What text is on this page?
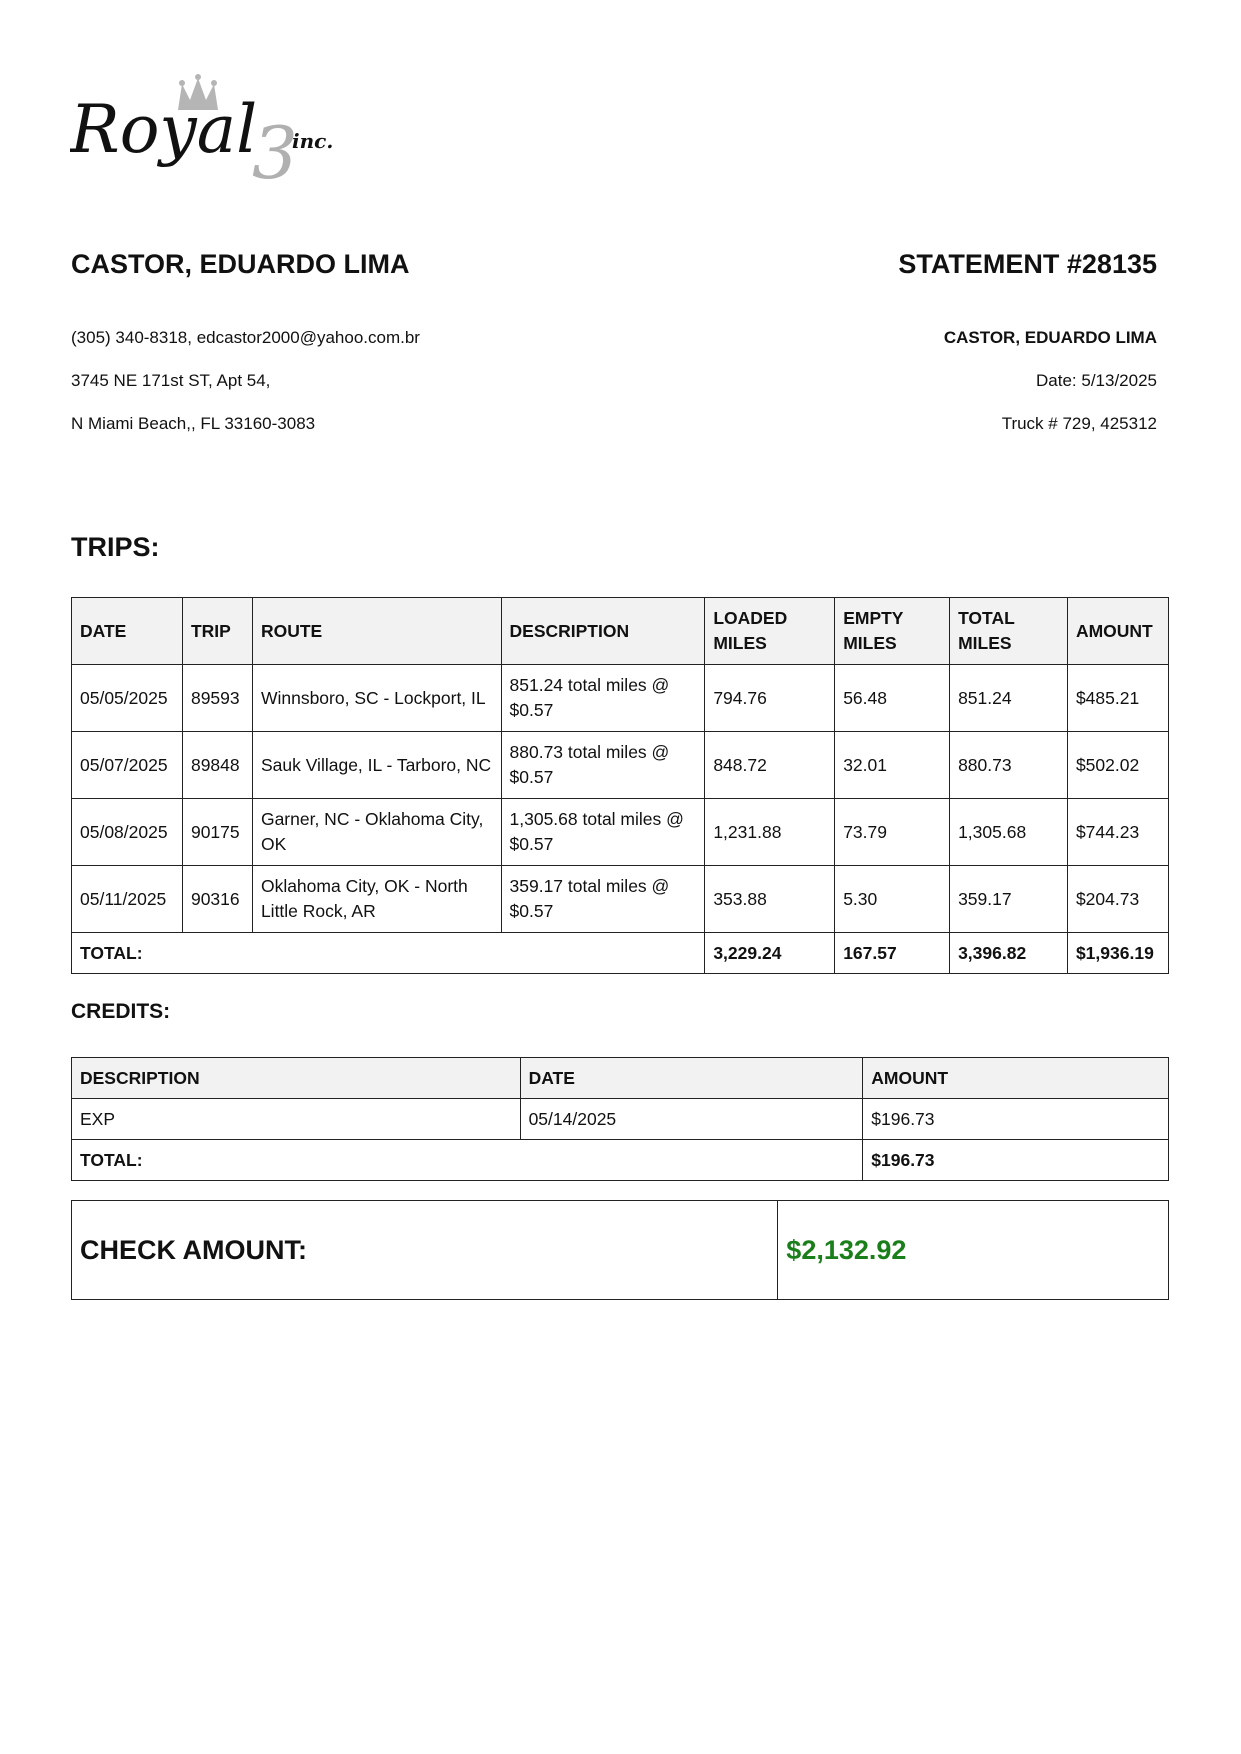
Royal
3
inc.
CASTOR, EDUARDO LIMA
(305) 340-8318, edcastor2000@yahoo.com.br
3745 NE 171st ST, Apt 54,
N Miami Beach,, FL 33160-3083
STATEMENT #28135
CASTOR, EDUARDO LIMA
Date: 5/13/2025
Truck # 729, 425312
TRIPS:
DATE	TRIP	ROUTE	DESCRIPTION	LOADED MILES	EMPTY MILES	TOTAL MILES	AMOUNT
05/05/2025	89593	Winnsboro, SC - Lockport, IL	851.24 total miles @ $0.57	794.76	56.48	851.24	$485.21
05/07/2025	89848	Sauk Village, IL - Tarboro, NC	880.73 total miles @ $0.57	848.72	32.01	880.73	$502.02
05/08/2025	90175	Garner, NC - Oklahoma City, OK	1,305.68 total miles @ $0.57	1,231.88	73.79	1,305.68	$744.23
05/11/2025	90316	Oklahoma City, OK - North Little Rock, AR	359.17 total miles @ $0.57	353.88	5.30	359.17	$204.73
TOTAL:				3,229.24	167.57	3,396.82	$1,936.19
CREDITS:
DESCRIPTION	DATE	AMOUNT
EXP	05/14/2025	$196.73
TOTAL:		$196.73
CHECK AMOUNT:	$2,132.92
